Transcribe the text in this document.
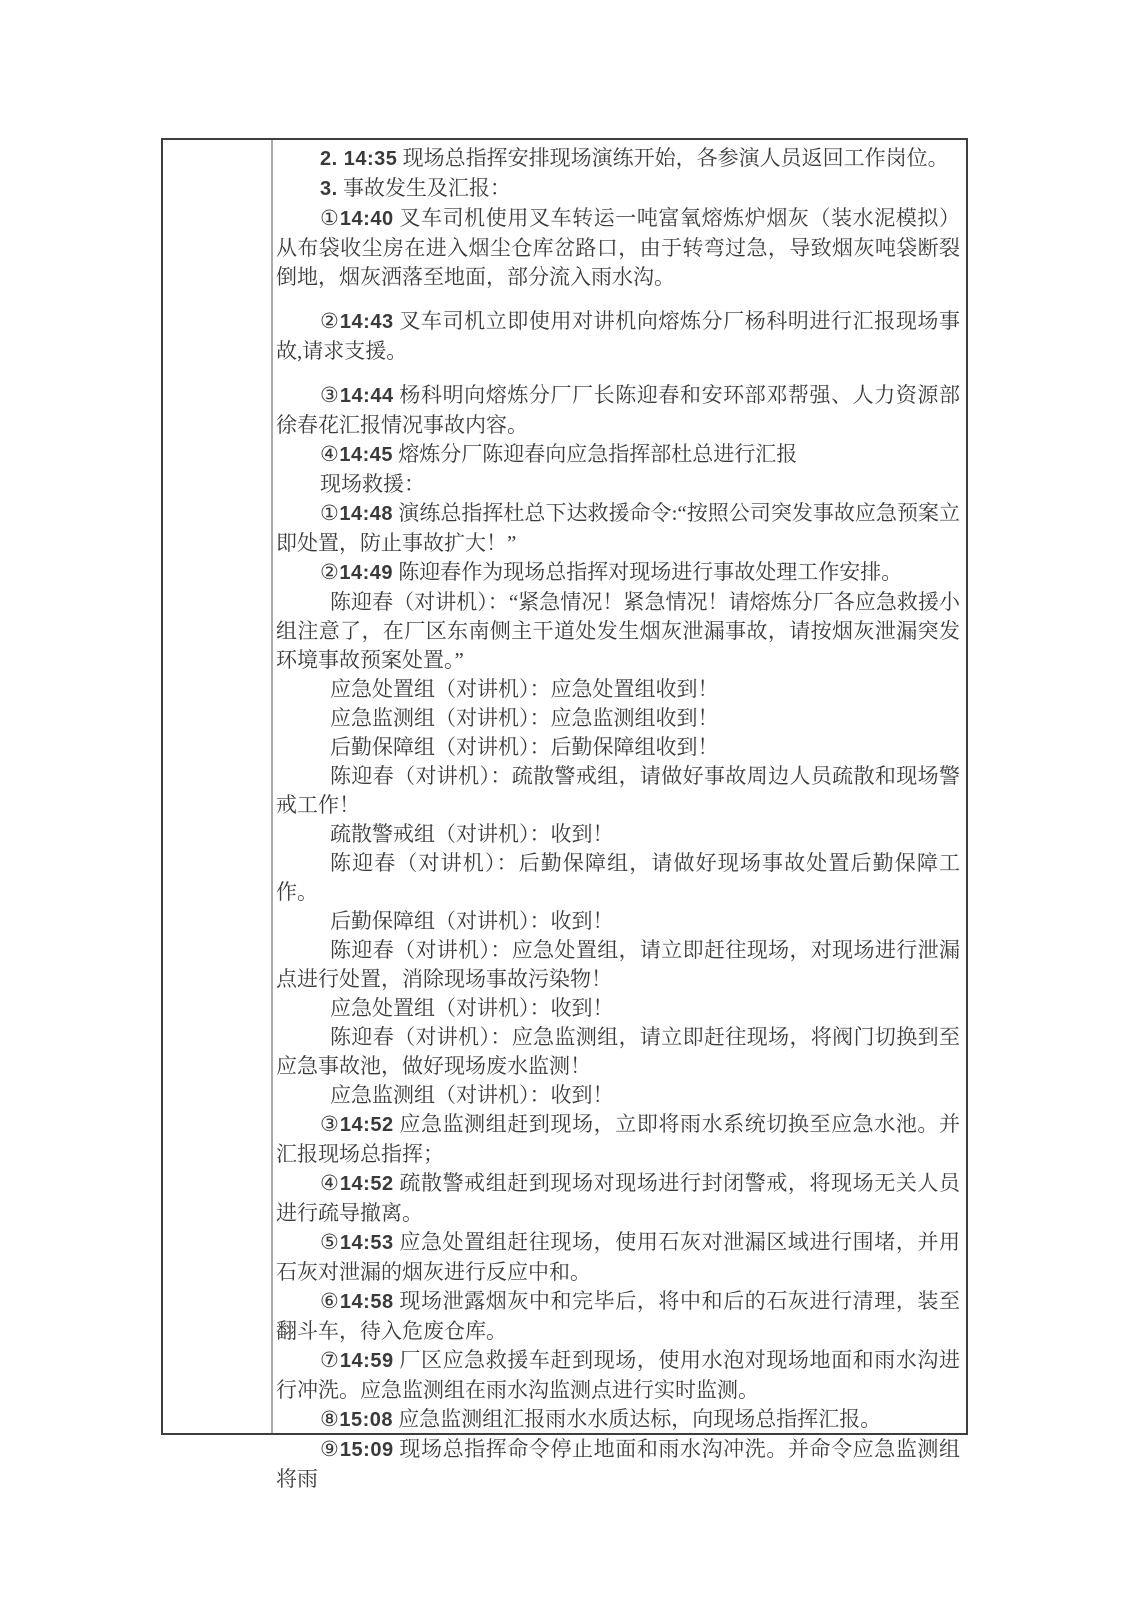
2. 14:35 现场总指挥安排现场演练开始，各参演人员返回工作岗位。

3. 事故发生及汇报：

①14:40 叉车司机使用叉车转运一吨富氧熔炼炉烟灰（装水泥模拟）从布袋收尘房在进入烟尘仓库岔路口，由于转弯过急，导致烟灰吨袋断裂倒地，烟灰洒落至地面，部分流入雨水沟。

②14:43 叉车司机立即使用对讲机向熔炼分厂杨科明进行汇报现场事故,请求支援。

③14:44 杨科明向熔炼分厂厂长陈迎春和安环部邓帮强、人力资源部徐春花汇报情况事故内容。

④14:45 熔炼分厂陈迎春向应急指挥部杜总进行汇报

现场救援：

①14:48 演练总指挥杜总下达救援命令:“按照公司突发事故应急预案立即处置，防止事故扩大！”

②14:49 陈迎春作为现场总指挥对现场进行事故处理工作安排。

陈迎春（对讲机）：“紧急情况！紧急情况！请熔炼分厂各应急救援小组注意了，在厂区东南侧主干道处发生烟灰泄漏事故，请按烟灰泄漏突发环境事故预案处置。”

应急处置组（对讲机）：应急处置组收到！

应急监测组（对讲机）：应急监测组收到！

后勤保障组（对讲机）：后勤保障组收到！

陈迎春（对讲机）：疏散警戒组，请做好事故周边人员疏散和现场警戒工作！

疏散警戒组（对讲机）：收到！

陈迎春（对讲机）：后勤保障组，请做好现场事故处置后勤保障工作。

后勤保障组（对讲机）：收到！

陈迎春（对讲机）：应急处置组，请立即赶往现场，对现场进行泄漏点进行处置，消除现场事故污染物！

应急处置组（对讲机）：收到！

陈迎春（对讲机）：应急监测组，请立即赶往现场，将阀门切换到至应急事故池，做好现场废水监测！

应急监测组（对讲机）：收到！

③14:52 应急监测组赶到现场，立即将雨水系统切换至应急水池。并汇报现场总指挥；

④14:52 疏散警戒组赶到现场对现场进行封闭警戒，将现场无关人员进行疏导撤离。

⑤14:53 应急处置组赶往现场，使用石灰对泄漏区域进行围堵，并用石灰对泄漏的烟灰进行反应中和。

⑥14:58 现场泄露烟灰中和完毕后，将中和后的石灰进行清理，装至翻斗车，待入危废仓库。

⑦14:59 厂区应急救援车赶到现场，使用水泡对现场地面和雨水沟进行冲洗。应急监测组在雨水沟监测点进行实时监测。

⑧15:08 应急监测组汇报雨水水质达标，向现场总指挥汇报。

⑨15:09 现场总指挥命令停止地面和雨水沟冲洗。并命令应急监测组将雨
